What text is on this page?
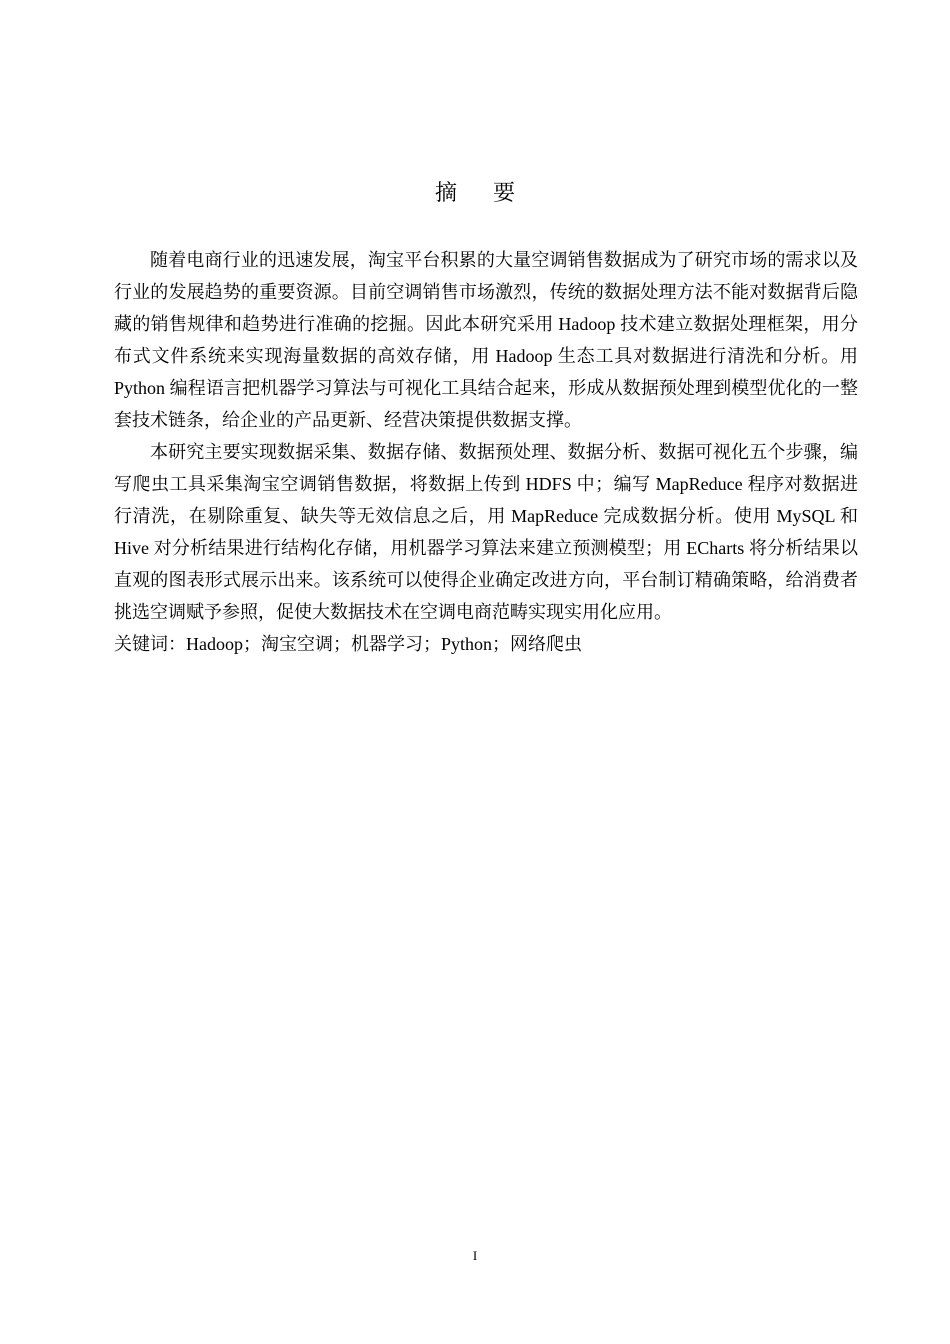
摘要

随着电商行业的迅速发展，淘宝平台积累的大量空调销售数据成为了研究市场的需求以及行业的发展趋势的重要资源。目前空调销售市场激烈，传统的数据处理方法不能对数据背后隐藏的销售规律和趋势进行准确的挖掘。因此本研究采用 Hadoop 技术建立数据处理框架，用分布式文件系统来实现海量数据的高效存储，用 Hadoop 生态工具对数据进行清洗和分析。用 Python 编程语言把机器学习算法与可视化工具结合起来，形成从数据预处理到模型优化的一整套技术链条，给企业的产品更新、经营决策提供数据支撑。

本研究主要实现数据采集、数据存储、数据预处理、数据分析、数据可视化五个步骤，编写爬虫工具采集淘宝空调销售数据，将数据上传到 HDFS 中；编写 MapReduce 程序对数据进行清洗，在剔除重复、缺失等无效信息之后，用 MapReduce 完成数据分析。使用 MySQL 和 Hive 对分析结果进行结构化存储，用机器学习算法来建立预测模型；用 ECharts 将分析结果以直观的图表形式展示出来。该系统可以使得企业确定改进方向，平台制订精确策略，给消费者挑选空调赋予参照，促使大数据技术在空调电商范畴实现实用化应用。

关键词：Hadoop；淘宝空调；机器学习；Python；网络爬虫

I
